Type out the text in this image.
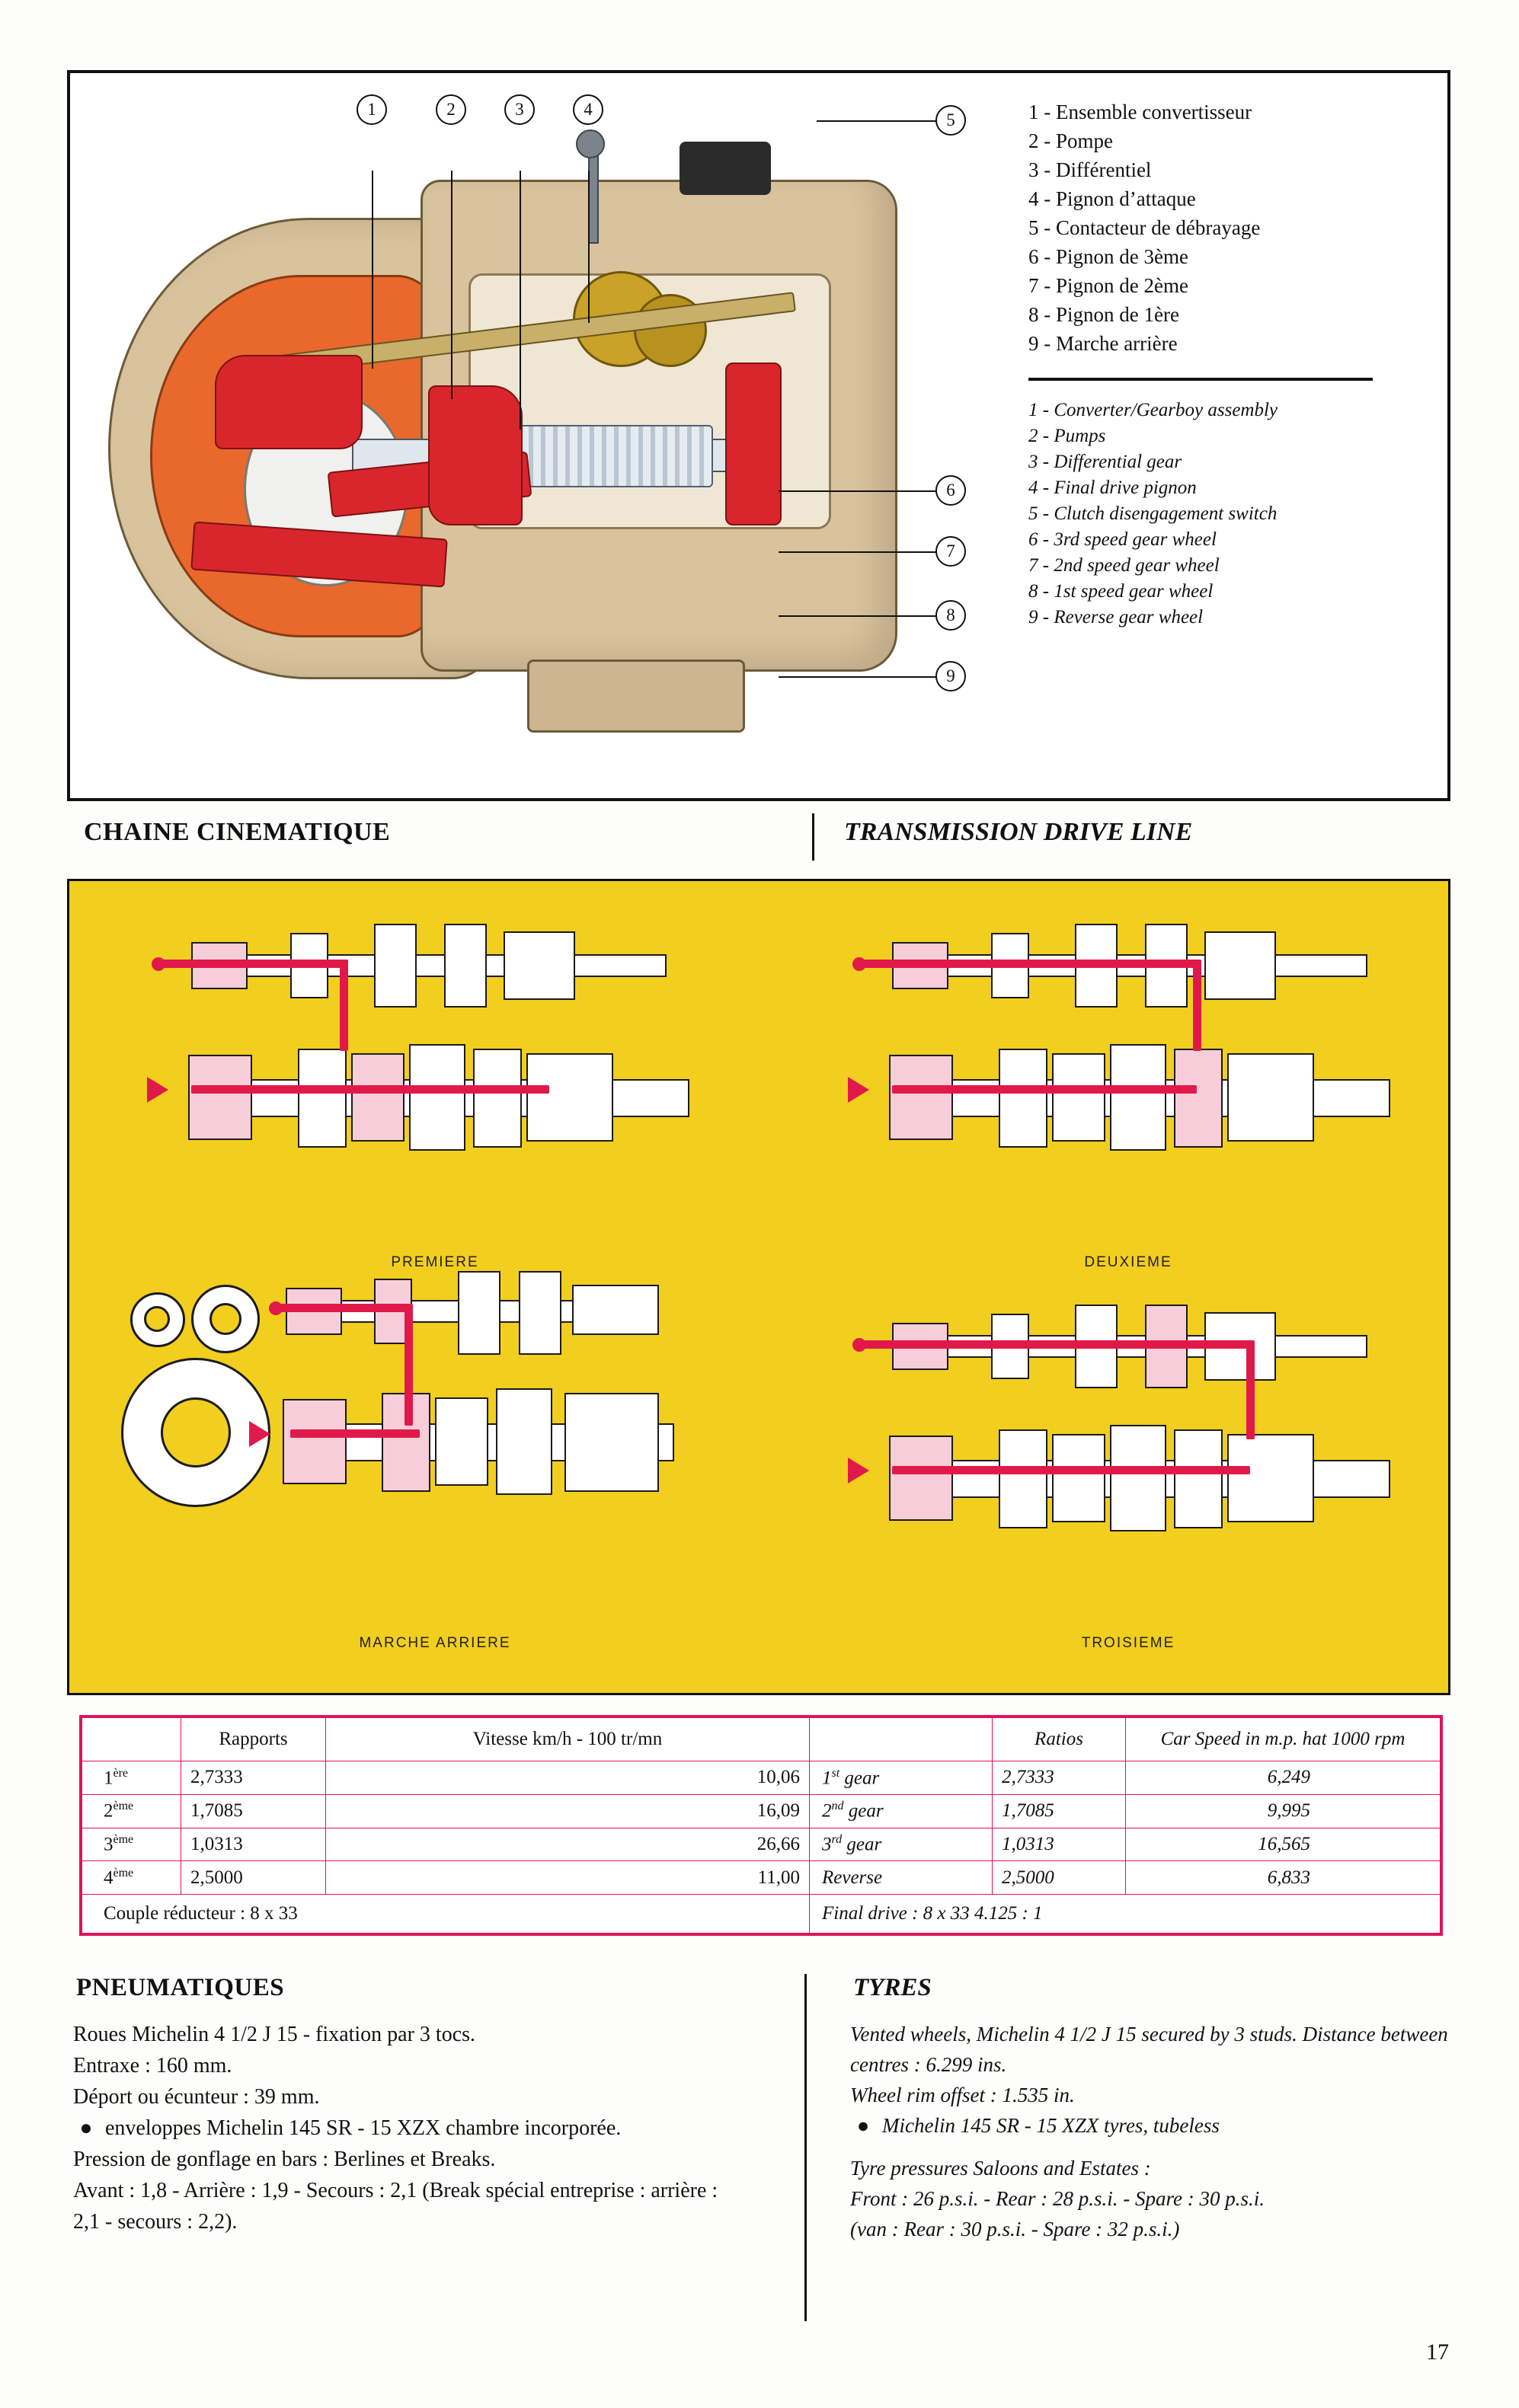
1	2	3	4
5
6
7
8
9
1 - Ensemble convertisseur
2 - Pompe
3 - Différentiel
4 - Pignon d’attaque
5 - Contacteur de débrayage
6 - Pignon de 3ème
7 - Pignon de 2ème
8 - Pignon de 1ère
9 - Marche arrière
1 - Converter/Gearboy assembly
2 - Pumps
3 - Differential gear
4 - Final drive pignon
5 - Clutch disengagement switch
6 - 3rd speed gear wheel
7 - 2nd speed gear wheel
8 - 1st speed gear wheel
9 - Reverse gear wheel
CHAINE CINEMATIQUE	TRANSMISSION DRIVE LINE
PREMIERE	DEUXIEME
MARCHE ARRIERE	TROISIEME
	Rapports	Vitesse km/h - 100 tr/mn		Ratios	Car Speed in m.p. hat 1000 rpm
1ère	2,7333	10,06	1st gear	2,7333	6,249
2ème	1,7085	16,09	2nd gear	1,7085	9,995
3ème	1,0313	26,66	3rd gear	1,0313	16,565
4ème	2,5000	11,00	Reverse	2,5000	6,833
Couple réducteur : 8 x 33			Final drive : 8 x 33 4.125 : 1		
PNEUMATIQUES

Roues Michelin 4 1/2 J 15 - fixation par 3 tocs.

Entraxe : 160 mm.

Déport ou écunteur : 39 mm.

● enveloppes Michelin 145 SR - 15 XZX chambre incorporée.

Pression de gonflage en bars : Berlines et Breaks.

Avant : 1,8 - Arrière : 1,9 - Secours : 2,1 (Break spécial entreprise : arrière : 2,1 - secours : 2,2).

TYRES

Vented wheels, Michelin 4 1/2 J 15 secured by 3 studs. Distance between centres : 6.299 ins.

Wheel rim offset : 1.535 in.

● Michelin 145 SR - 15 XZX tyres, tubeless

Tyre pressures Saloons and Estates :

Front : 26 p.s.i. - Rear : 28 p.s.i. - Spare : 30 p.s.i.

(van : Rear : 30 p.s.i. - Spare : 32 p.s.i.)

17
